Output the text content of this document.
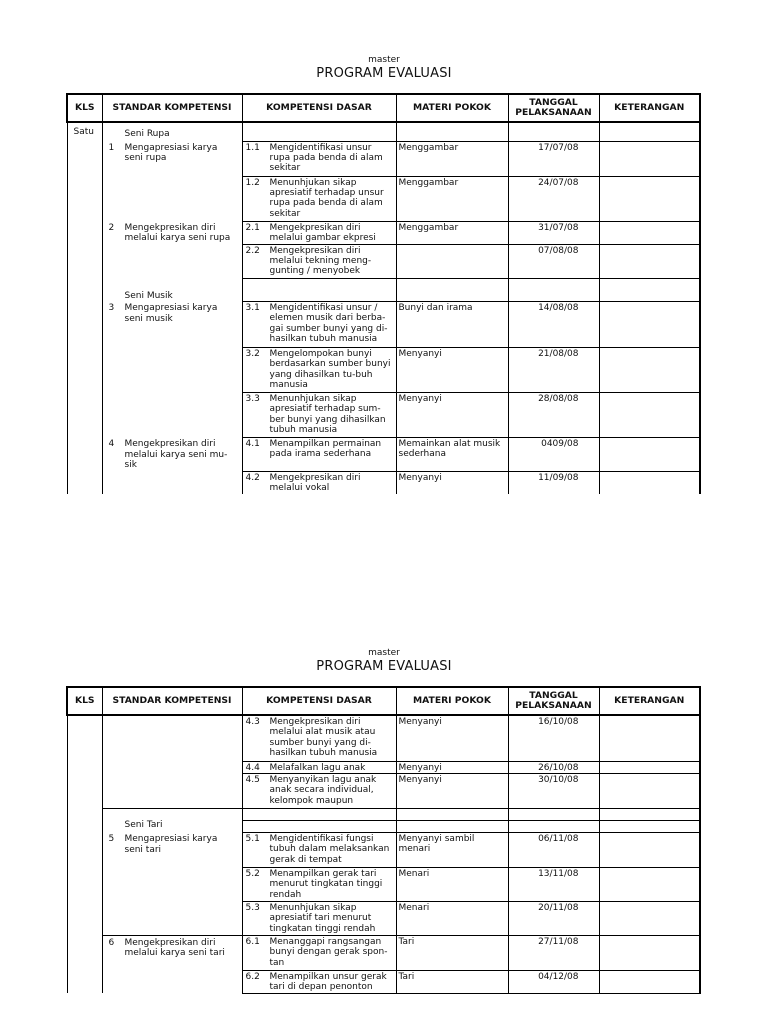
master
PROGRAM EVALUASI
KLS	STANDAR KOMPETENSI	KOMPETENSI DASAR	MATERI POKOK	TANGGAL PELAKSANAAN	KETERANGAN
Satu	Seni Rupa				
	1 Mengapresiasi karya seni rupa	1.1 Mengidentifikasi unsur rupa pada benda di alam sekitar	Menggambar	17/07/08	
		1.2 Menunhjukan sikap apresiatif terhadap unsur rupa pada benda di alam sekitar	Menggambar	24/07/08	
	2 Mengekpresikan diri melalui karya seni rupa	2.1 Mengekpresikan diri melalui gambar ekpresi	Menggambar	31/07/08	
		2.2 Mengekpresikan diri melalui tekning meng-gunting / menyobek		07/08/08	
	Seni Musik				
	3 Mengapresiasi karya seni musik	3.1 Mengidentifikasi unsur / elemen musik dari berba-gai sumber bunyi yang di-hasilkan tubuh manusia	Bunyi dan irama	14/08/08	
		3.2 Mengelompokan bunyi berdasarkan sumber bunyi yang dihasilkan tu-buh manusia	Menyanyi	21/08/08	
		3.3 Menunhjukan sikap apresiatif terhadap sum-ber bunyi yang dihasilkan tubuh manusia	Menyanyi	28/08/08	
	4 Mengekpresikan diri melalui karya seni mu-sik	4.1 Menampilkan permainan pada irama sederhana	Memainkan alat musik sederhana	0409/08	
		4.2 Mengekpresikan diri melalui vokal	Menyanyi	11/09/08	
master
PROGRAM EVALUASI
KLS	STANDAR KOMPETENSI	KOMPETENSI DASAR	MATERI POKOK	TANGGAL PELAKSANAAN	KETERANGAN
		4.3 Mengekpresikan diri melalui alat musik atau sumber bunyi yang di-hasilkan tubuh manusia	Menyanyi	16/10/08	
		4.4 Melafalkan lagu anak	Menyanyi	26/10/08	
		4.5 Menyanyikan lagu anak anak secara individual, kelompok maupun	Menyanyi	30/10/08	
	Seni Tari				

	5 Mengapresiasi karya seni tari	5.1 Mengidentifikasi fungsi tubuh dalam melaksankan gerak di tempat	Menyanyi sambil menari	06/11/08	
		5.2 Menampilkan gerak tari menurut tingkatan tinggi rendah	Menari	13/11/08	
		5.3 Menunhjukan sikap apresiatif tari menurut tingkatan tinggi rendah	Menari	20/11/08	
	6 Mengekpresikan diri melalui karya seni tari	6.1 Menanggapi rangsangan bunyi dengan gerak spon-tan	Tari	27/11/08	
		6.2 Menampilkan unsur gerak tari di depan penonton	Tari	04/12/08	
